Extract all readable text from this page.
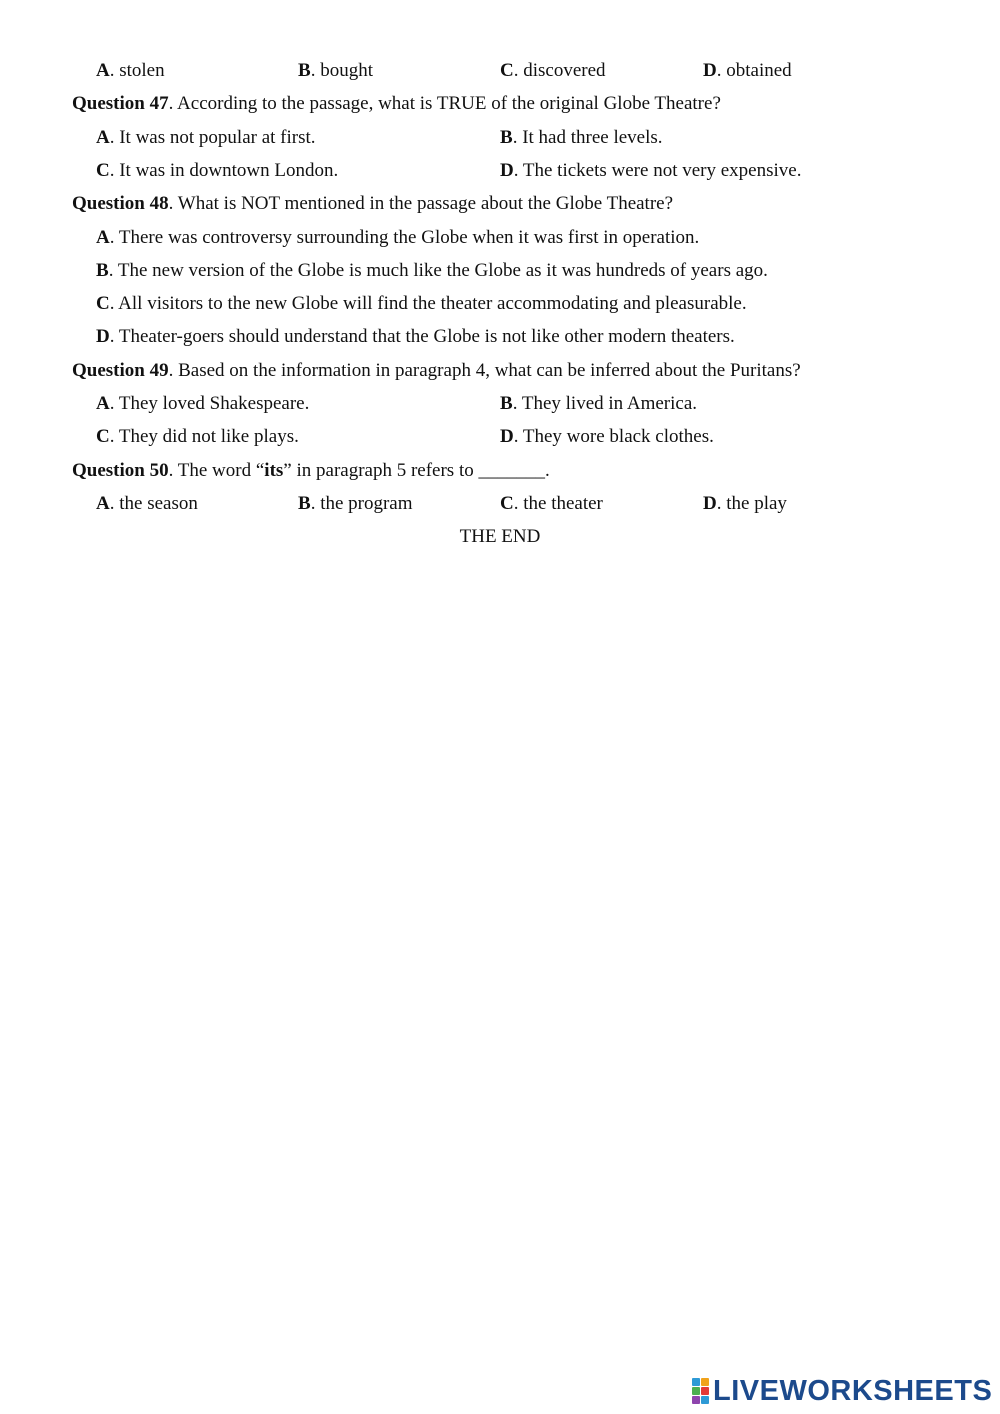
A. stolen	B. bought	C. discovered	D. obtained
Question 47. According to the passage, what is TRUE of the original Globe Theatre?
A. It was not popular at first.	B. It had three levels.
C. It was in downtown London.	D. The tickets were not very expensive.
Question 48. What is NOT mentioned in the passage about the Globe Theatre?
A. There was controversy surrounding the Globe when it was first in operation.
B. The new version of the Globe is much like the Globe as it was hundreds of years ago.
C. All visitors to the new Globe will find the theater accommodating and pleasurable.
D. Theater-goers should understand that the Globe is not like other modern theaters.
Question 49. Based on the information in paragraph 4, what can be inferred about the Puritans?
A. They loved Shakespeare.	B. They lived in America.
C. They did not like plays.	D. They wore black clothes.
Question 50. The word “its” in paragraph 5 refers to _______.
A. the season	B. the program	C. the theater	D. the play
THE END
LIVEWORKSHEETS
